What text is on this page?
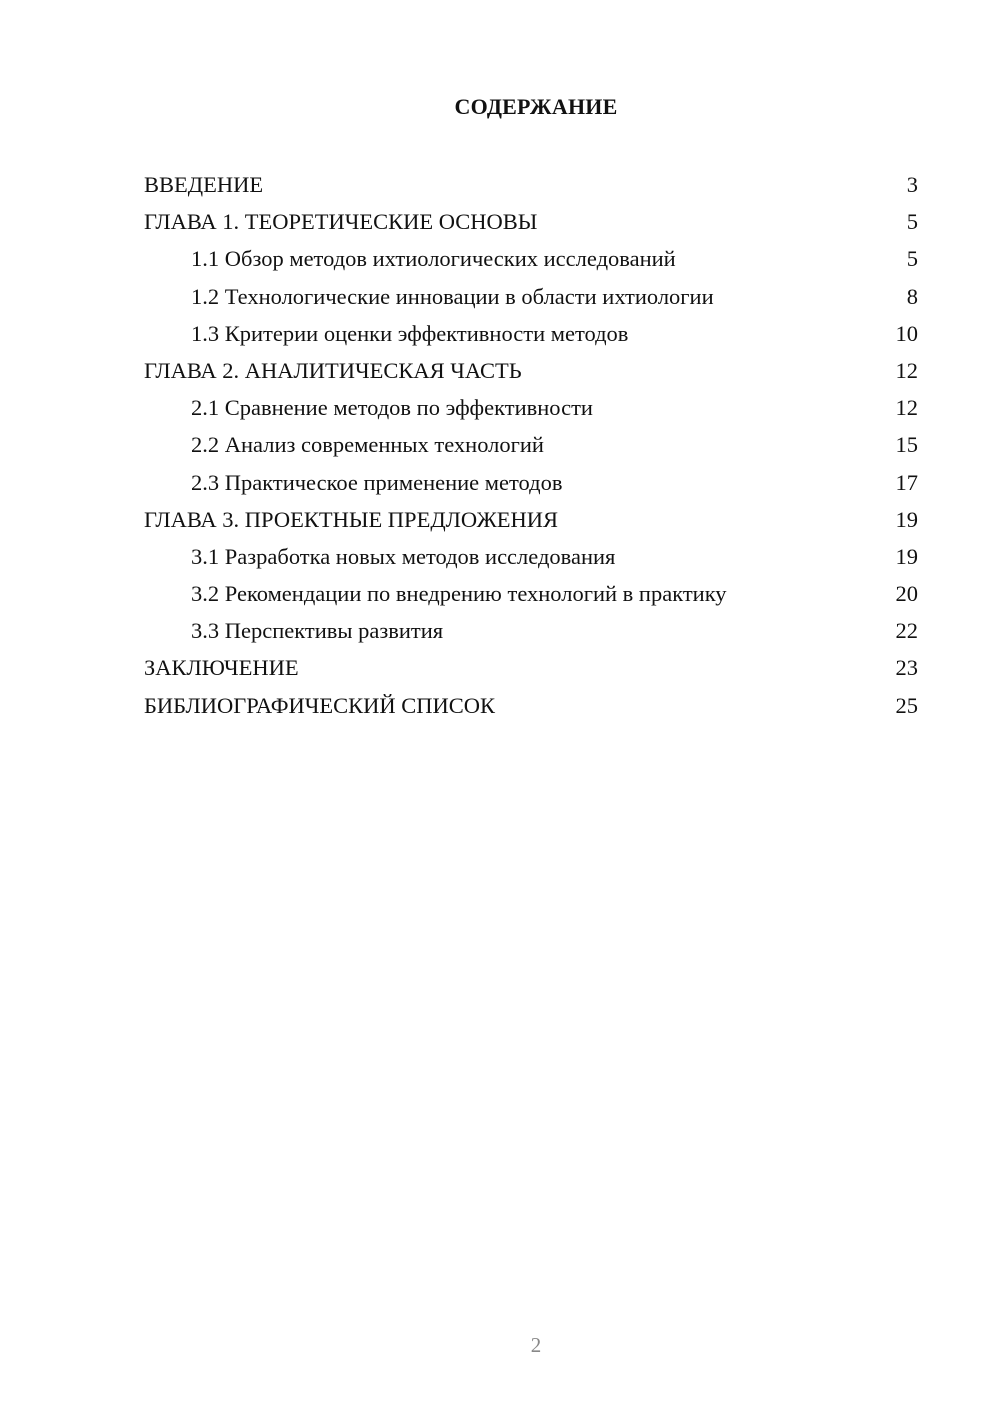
СОДЕРЖАНИЕ
ВВЕДЕНИЕ	3
ГЛАВА 1. ТЕОРЕТИЧЕСКИЕ ОСНОВЫ	5
1.1 Обзор методов ихтиологических исследований	5
1.2 Технологические инновации в области ихтиологии	8
1.3 Критерии оценки эффективности методов	10
ГЛАВА 2. АНАЛИТИЧЕСКАЯ ЧАСТЬ	12
2.1 Сравнение методов по эффективности	12
2.2 Анализ современных технологий	15
2.3 Практическое применение методов	17
ГЛАВА 3. ПРОЕКТНЫЕ ПРЕДЛОЖЕНИЯ	19
3.1 Разработка новых методов исследования	19
3.2 Рекомендации по внедрению технологий в практику	20
3.3 Перспективы развития	22
ЗАКЛЮЧЕНИЕ	23
БИБЛИОГРАФИЧЕСКИЙ СПИСОК	25
2
